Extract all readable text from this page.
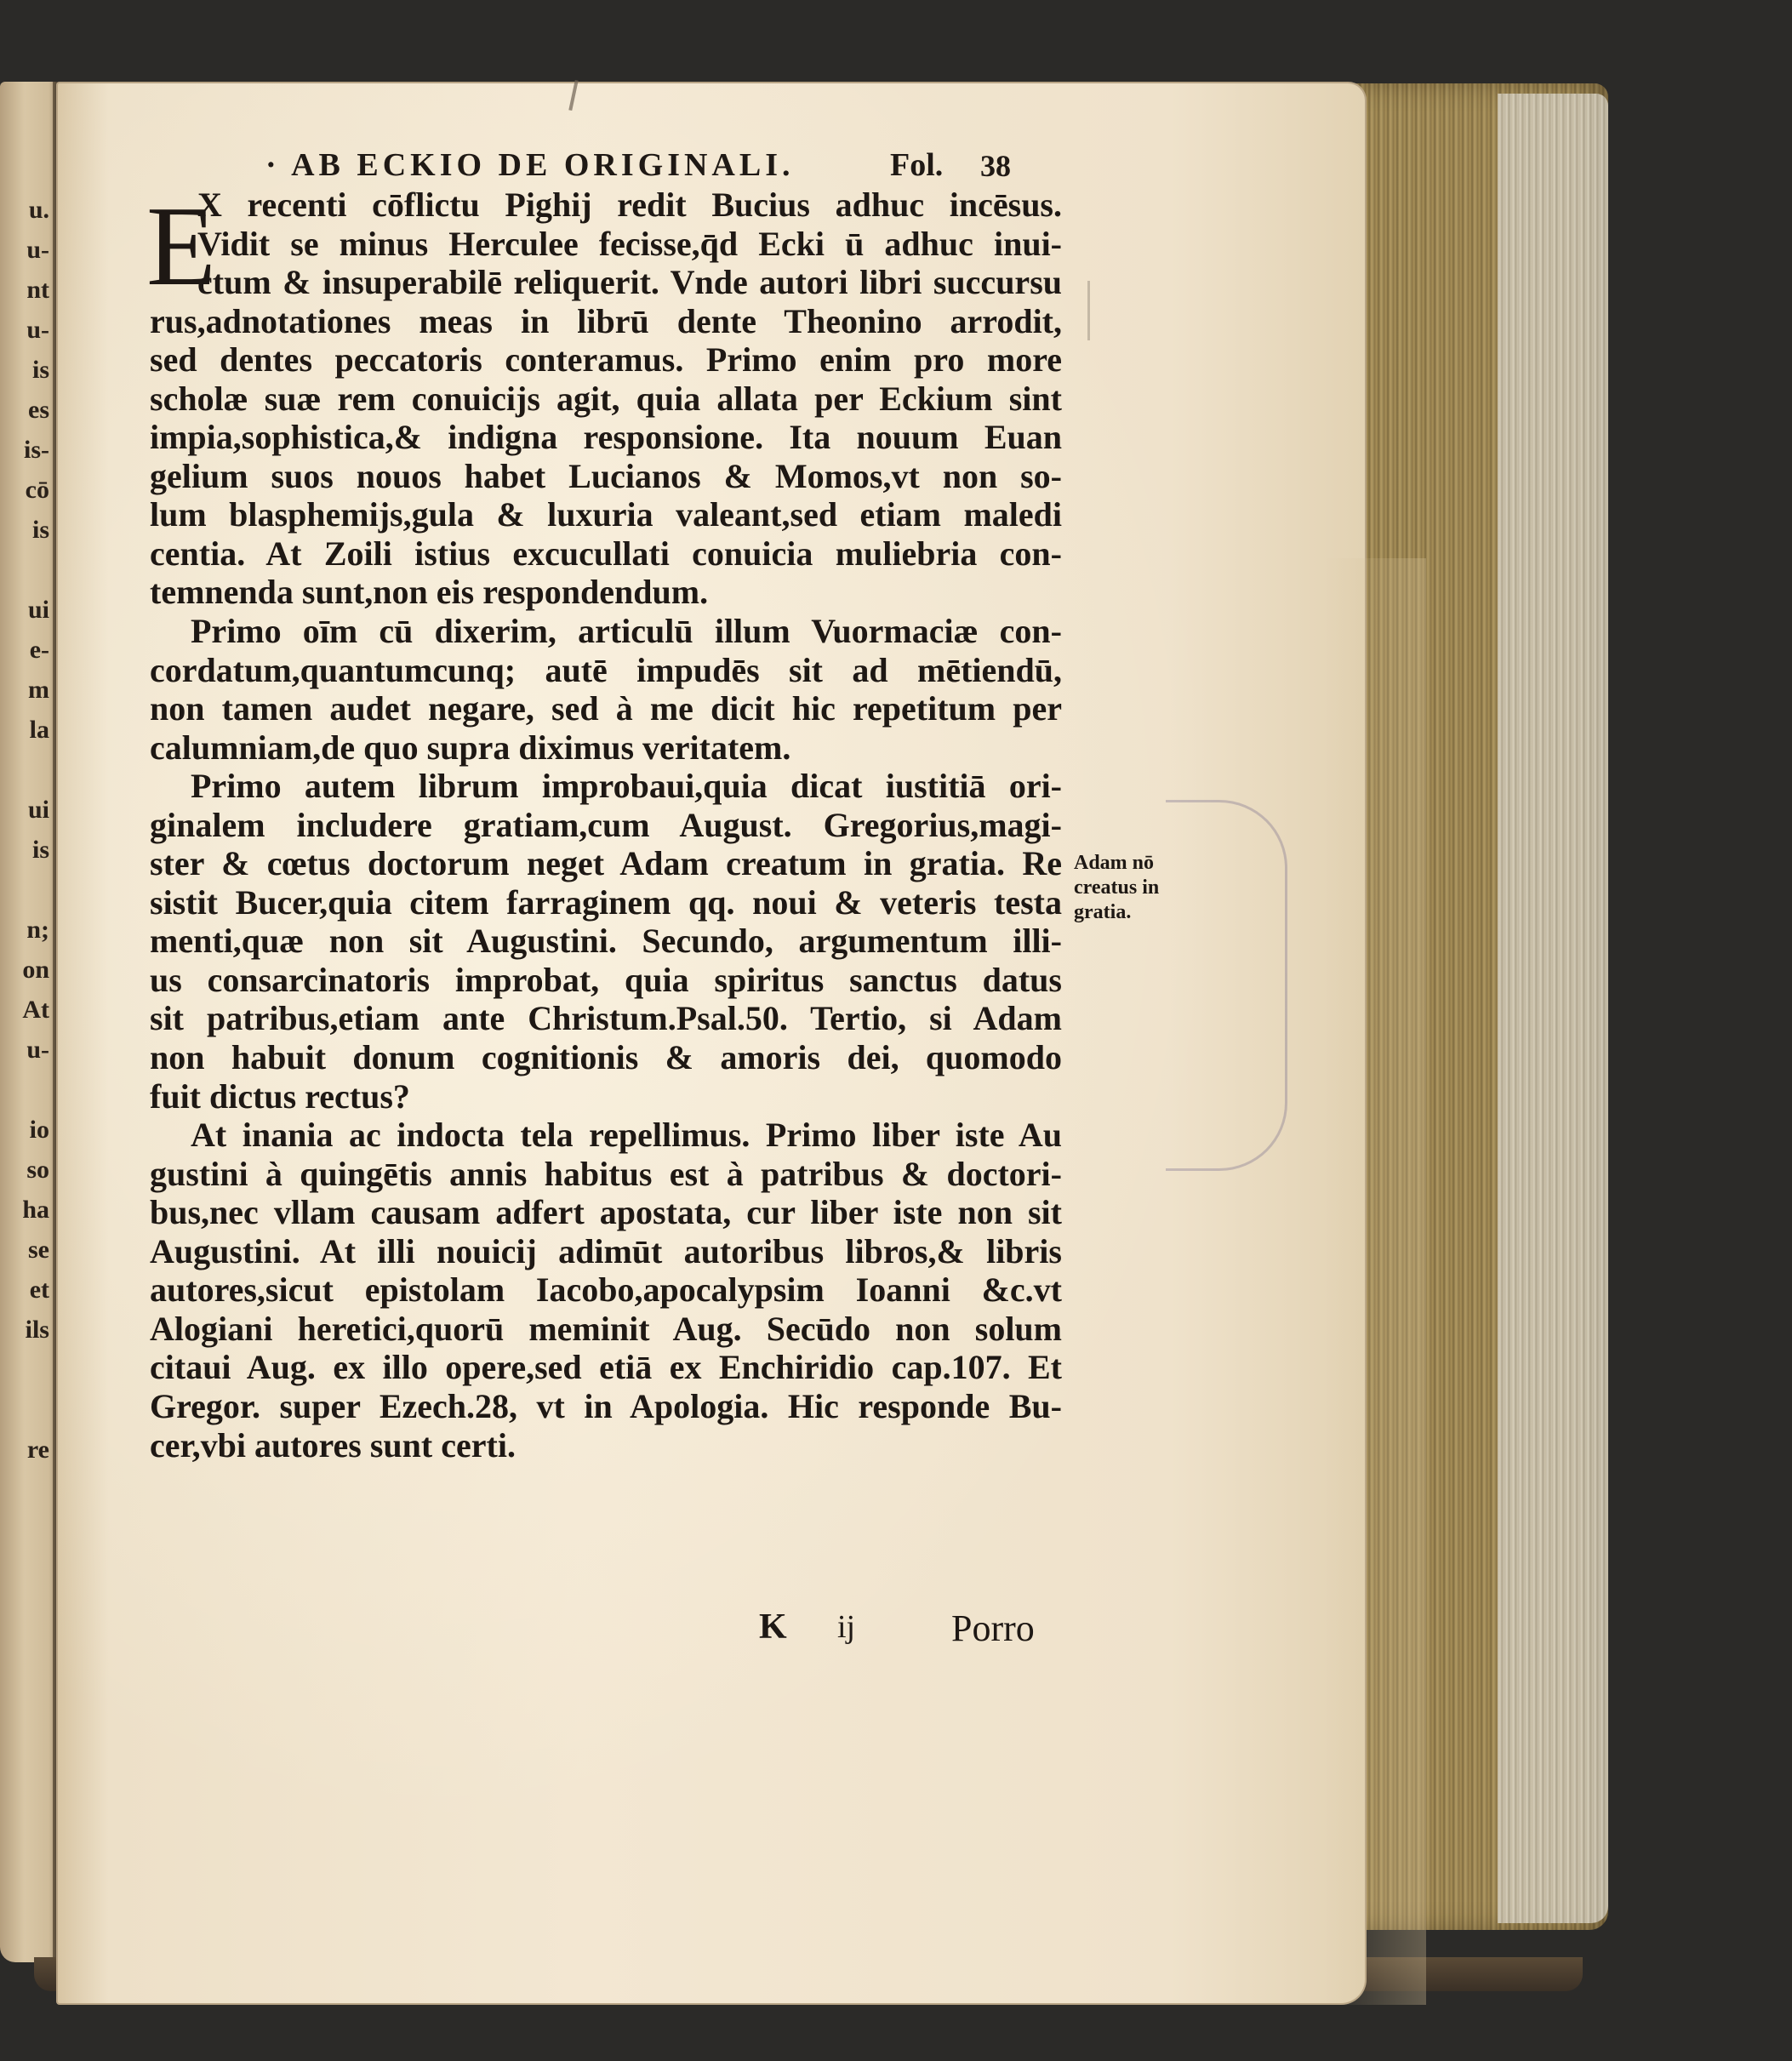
u.
u-
nt
u-
is
es
is-
cō
is
ui
e-
m
la
ui
is
n;
on
At
u-
io
so
ha
se
et
ils
re
· AB ECKIO DE ORIGINALI.	Fol. 38
E
X recenti cōflictu Pighij redit Bucius adhuc incēsus.
Vidit se minus Herculee fecisse,q̄d Ecki ū adhuc inui-
ctum & insuperabilē reliquerit. Vnde autori libri succursu
rus,adnotationes meas in librū dente Theonino arrodit,
sed dentes peccatoris conteramus. Primo enim pro more
scholæ suæ rem conuicijs agit, quia allata per Eckium sint
impia,sophistica,& indigna responsione. Ita nouum Euan
gelium suos nouos habet Lucianos & Momos,vt non so-
lum blasphemijs,gula & luxuria valeant,sed etiam maledi
centia. At Zoili istius excucullati conuicia muliebria con-
temnenda sunt,non eis respondendum.
Primo oīm cū dixerim, articulū illum Vuormaciæ con-
cordatum,quantumcunq; autē impudēs sit ad mētiendū,
non tamen audet negare, sed à me dicit hic repetitum per
calumniam,de quo supra diximus veritatem.
Primo autem librum improbaui,quia dicat iustitiā ori-
ginalem includere gratiam,cum August. Gregorius,magi-
ster & cœtus doctorum neget Adam creatum in gratia. Re
sistit Bucer,quia citem farraginem qq. noui & veteris testa
menti,quæ non sit Augustini. Secundo, argumentum illi-
us consarcinatoris improbat, quia spiritus sanctus datus
sit patribus,etiam ante Christum.Psal.50. Tertio, si Adam
non habuit donum cognitionis & amoris dei, quomodo
fuit dictus rectus?
At inania ac indocta tela repellimus. Primo liber iste Au
gustini à quingētis annis habitus est à patribus & doctori-
bus,nec vllam causam adfert apostata, cur liber iste non sit
Augustini. At illi nouicij adimūt autoribus libros,& libris
autores,sicut epistolam Iacobo,apocalypsim Ioanni &c.vt
Alogiani heretici,quorū meminit Aug. Secūdo non solum
citaui Aug. ex illo opere,sed etiā ex Enchiridio cap.107. Et
Gregor. super Ezech.28, vt in Apologia. Hic responde Bu-
cer,vbi autores sunt certi.
Adam nō
creatus in
gratia.
K ij	Porro
